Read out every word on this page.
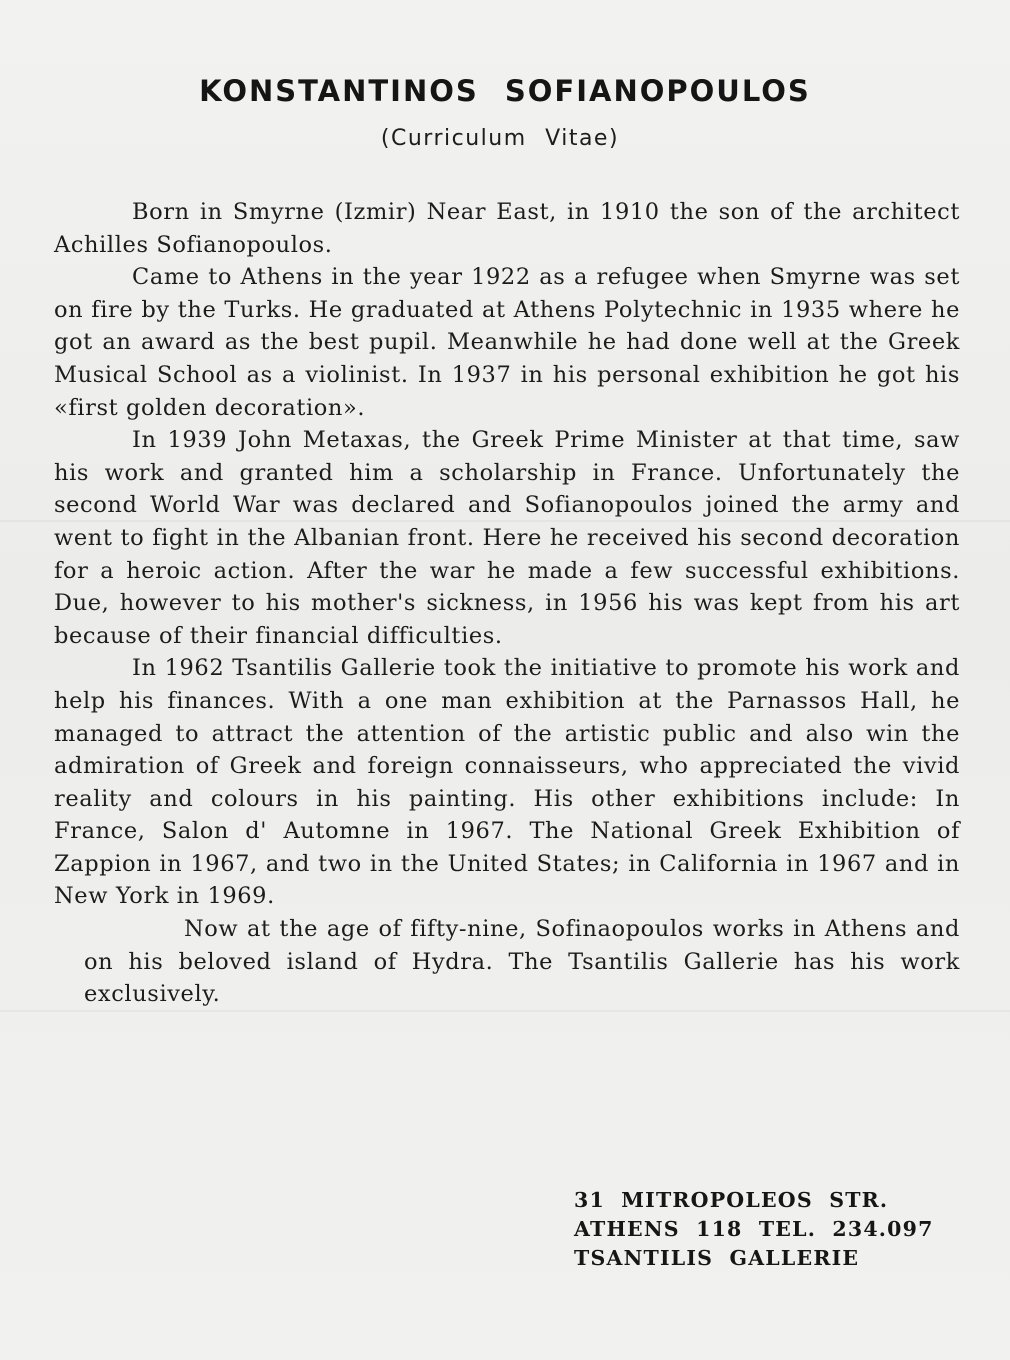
KONSTANTINOS SOFIANOPOULOS
(Curriculum Vitae)

Born in Smyrne (Izmir) Near East, in 1910 the son of the architect Achilles Sofianopoulos.

Came to Athens in the year 1922 as a refugee when Smyrne was set on fire by the Turks. He graduated at Athens Polytechnic in 1935 where he got an award as the best pupil. Meanwhile he had done well at the Greek Musical School as a violinist. In 1937 in his personal exhibition he got his «first golden decoration».

In 1939 John Metaxas, the Greek Prime Minister at that time, saw his work and granted him a scholarship in France. Unfortunately the second World War was declared and Sofianopoulos joined the army and went to fight in the Albanian front. Here he received his second decoration for a heroic action. After the war he made a few successful exhibitions. Due, however to his mother's sickness, in 1956 his was kept from his art because of their financial difficulties.

In 1962 Tsantilis Gallerie took the initiative to promote his work and help his finances. With a one man exhibition at the Parnassos Hall, he managed to attract the attention of the artistic public and also win the admiration of Greek and foreign connaisseurs, who appreciated the vivid reality and colours in his painting. His other exhibitions include: In France, Salon d' Automne in 1967. The National Greek Exhibition of Zappion in 1967, and two in the United States; in California in 1967 and in New York in 1969.

Now at the age of fifty-nine, Sofinaopoulos works in Athens and on his beloved island of Hydra. The Tsantilis Gallerie has his work exclusively.

31 MITROPOLEOS STR.
ATHENS 118 TEL. 234.097
TSANTILIS GALLERIE
